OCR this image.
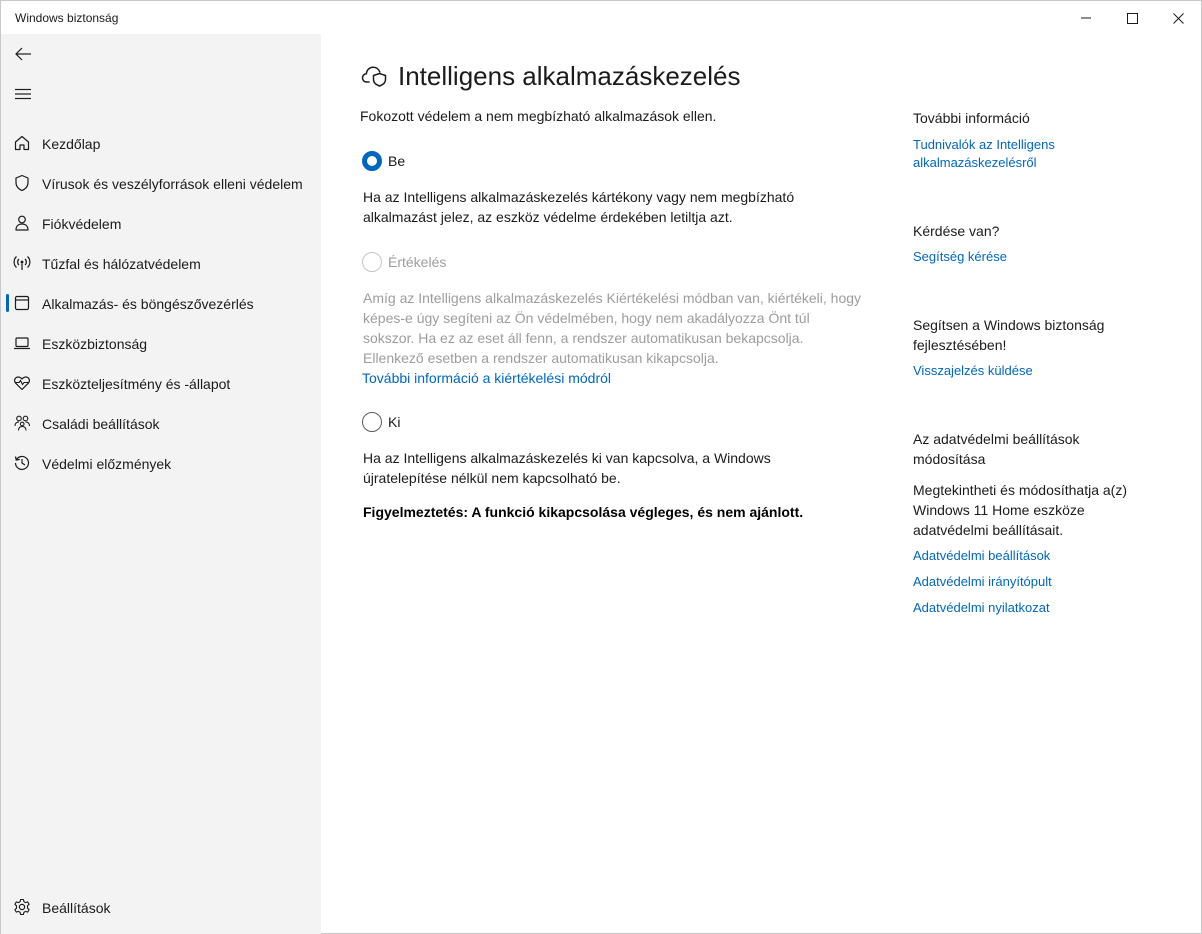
Windows biztonság
Kezdőlap
Vírusok és veszélyforrások elleni védelem
Fiókvédelem
Tűzfal és hálózatvédelem
Alkalmazás- és böngészővezérlés
Eszközbiztonság
Eszközteljesítmény és -állapot
Családi beállítások
Védelmi előzmények
Beállítások
Intelligens alkalmazáskezelés

Fokozott védelem a nem megbízható alkalmazások ellen.

Be

Ha az Intelligens alkalmazáskezelés kártékony vagy nem megbízható alkalmazást jelez, az eszköz védelme érdekében letiltja azt.

Értékelés

Amíg az Intelligens alkalmazáskezelés Kiértékelési módban van, kiértékeli, hogy képes-e úgy segíteni az Ön védelmében, hogy nem akadályozza Önt túl sokszor. Ha ez az eset áll fenn, a rendszer automatikusan bekapcsolja. Ellenkező esetben a rendszer automatikusan kikapcsolja.

További információ a kiértékelési módról
Ki

Ha az Intelligens alkalmazáskezelés ki van kapcsolva, a Windows újratelepítése nélkül nem kapcsolható be.

Figyelmeztetés: A funkció kikapcsolása végleges, és nem ajánlott.

További információ
Tudnivalók az Intelligens alkalmazáskezelésről
Kérdése van?
Segítség kérése
Segítsen a Windows biztonság fejlesztésében!
Visszajelzés küldése
Az adatvédelmi beállítások módosítása
Megtekintheti és módosíthatja a(z) Windows 11 Home eszköze adatvédelmi beállításait.
Adatvédelmi beállítások
Adatvédelmi irányítópult
Adatvédelmi nyilatkozat
